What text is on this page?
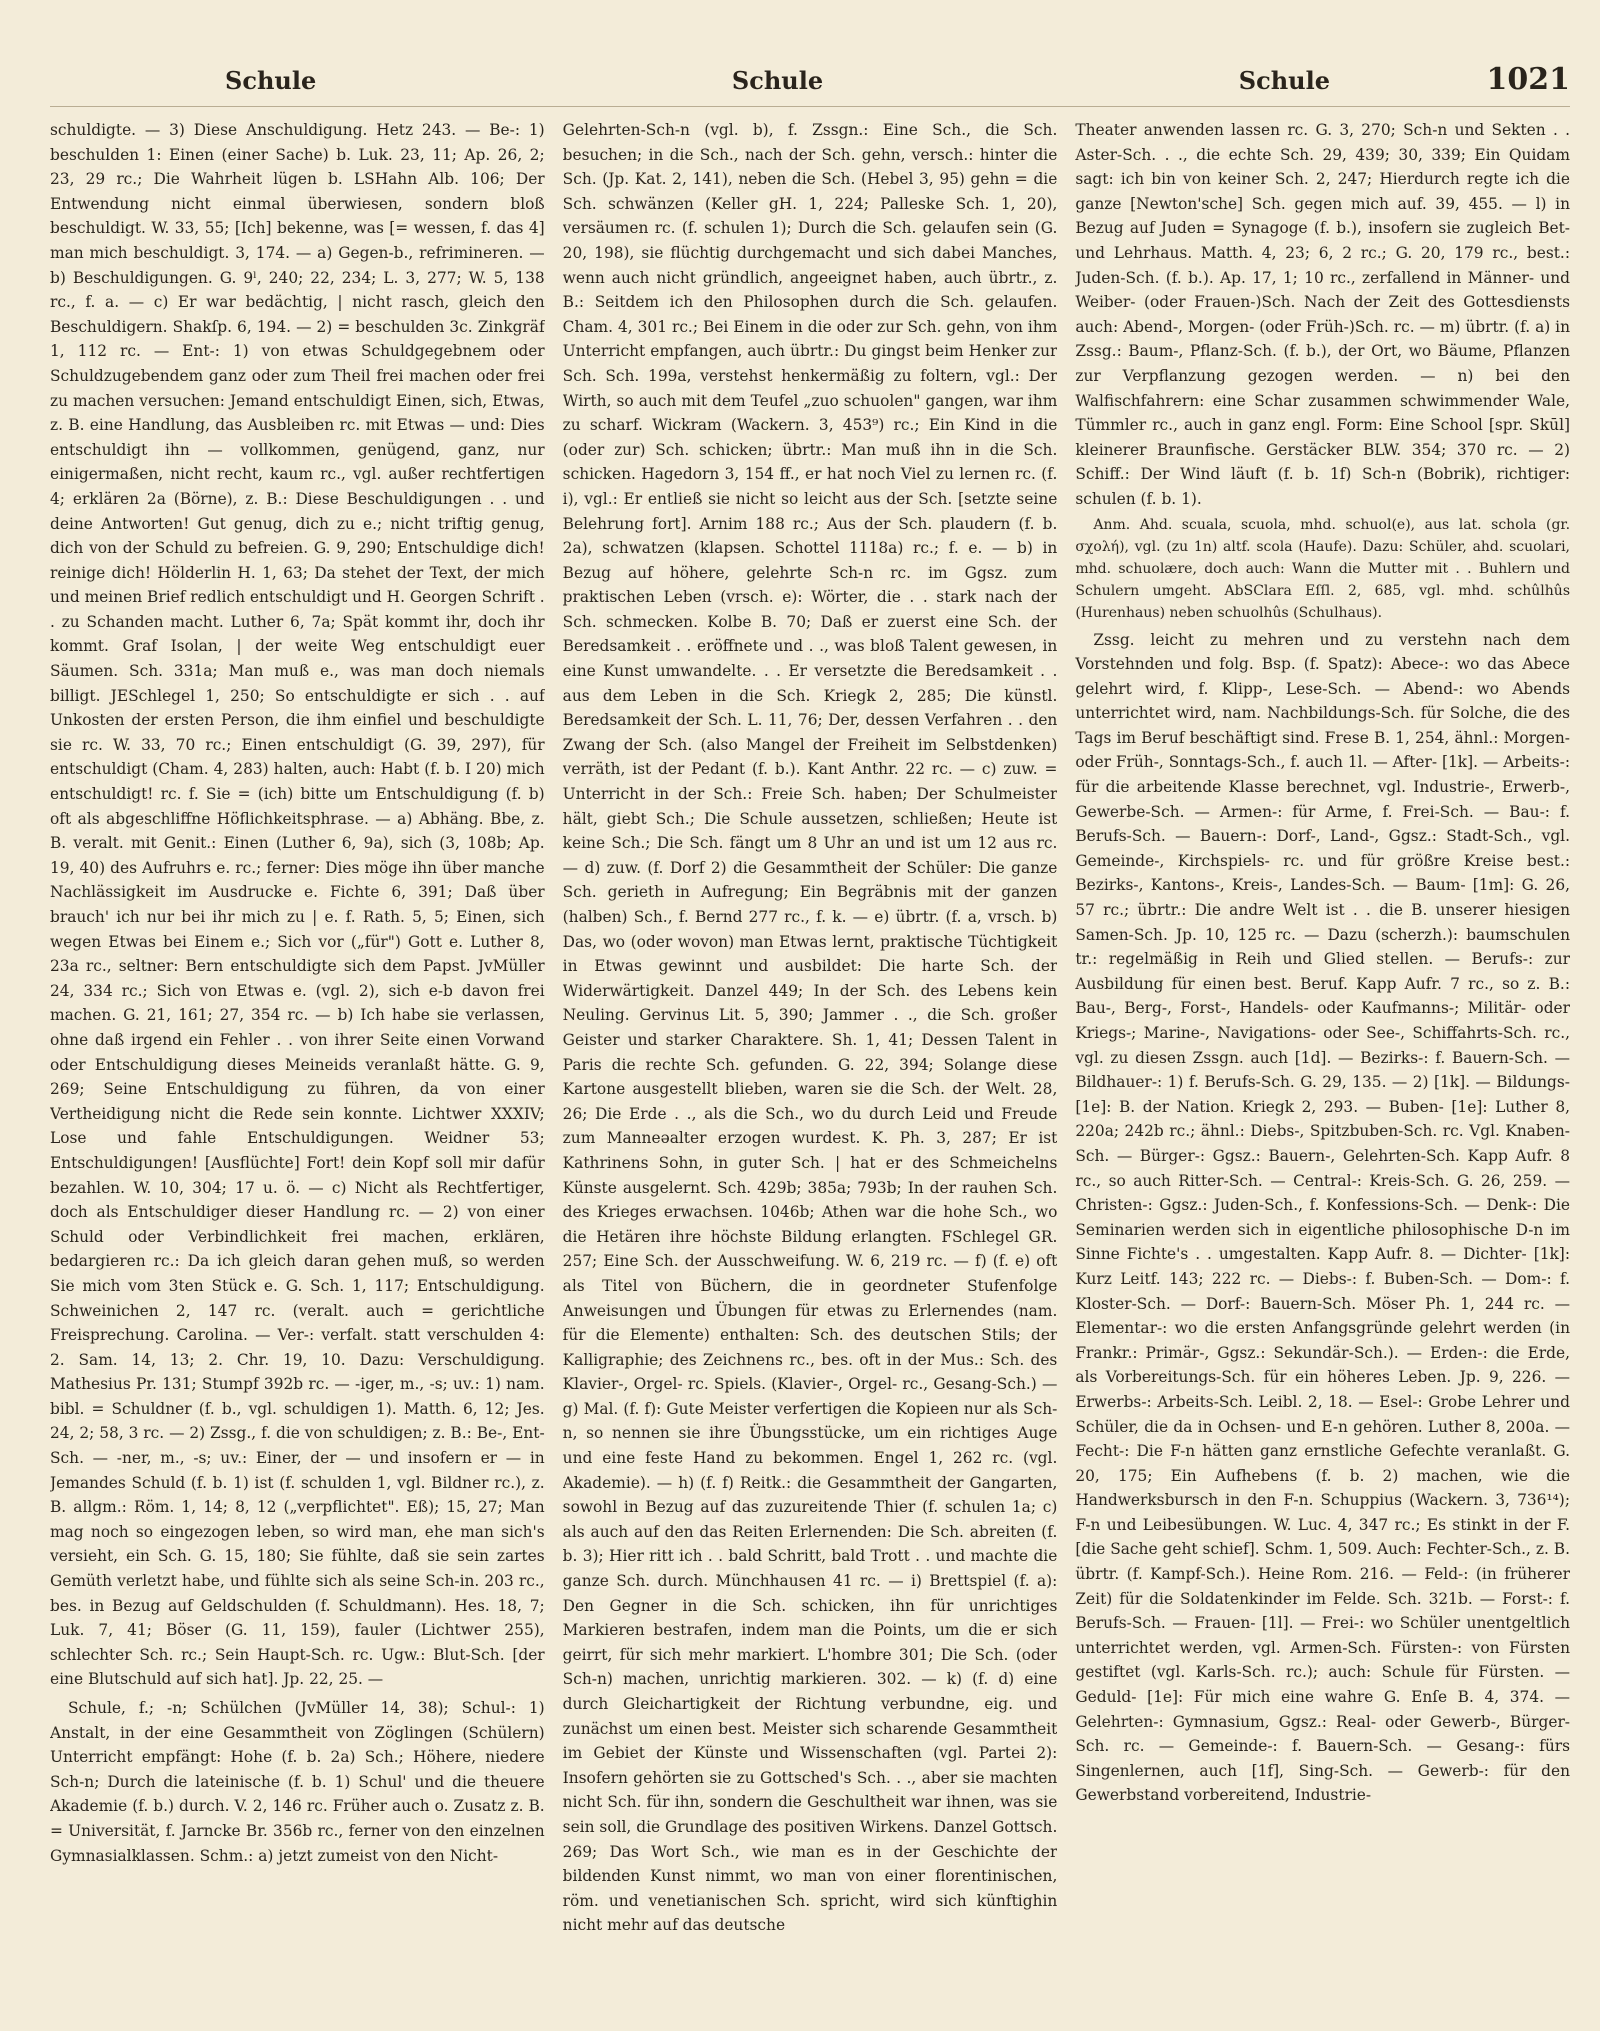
Schule	Schule	Schule	1021

schuldigte. — 3) Diese Anschuldigung. Hetz 243. — Be-: 1) beschulden 1: Einen (einer Sache) b. Luk. 23, 11; Ap. 26, 2; 23, 29 rc.; Die Wahrheit lügen b. LSHahn Alb. 106; Der Entwendung nicht einmal überwiesen, sondern bloß beschuldigt. W. 33, 55; [Ich] bekenne, was [= wessen, f. das 4] man mich beschuldigt. 3, 174. — a) Gegen-b., refrimineren. — b) Beschuldigungen. G. 9ˡ, 240; 22, 234; L. 3, 277; W. 5, 138 rc., f. a. — c) Er war bedächtig, | nicht rasch, gleich den Beschuldigern. Shakſp. 6, 194. — 2) = beschulden 3c. Zinkgräf 1, 112 rc. — Ent-: 1) von etwas Schuldgegebnem oder Schuldzugebendem ganz oder zum Theil frei machen oder frei zu machen versuchen: Jemand entschuldigt Einen, sich, Etwas, z. B. eine Handlung, das Ausbleiben rc. mit Etwas — und: Dies entschuldigt ihn — vollkommen, genügend, ganz, nur einigermaßen, nicht recht, kaum rc., vgl. außer rechtfertigen 4; erklären 2a (Börne), z. B.: Diese Beschuldigungen . . und deine Antworten! Gut genug, dich zu e.; nicht triftig genug, dich von der Schuld zu befreien. G. 9, 290; Entschuldige dich! reinige dich! Hölderlin H. 1, 63; Da stehet der Text, der mich und meinen Brief redlich entschuldigt und H. Georgen Schrift . . zu Schanden macht. Luther 6, 7a; Spät kommt ihr, doch ihr kommt. Graf Isolan, | der weite Weg entschuldigt euer Säumen. Sch. 331a; Man muß e., was man doch niemals billigt. JESchlegel 1, 250; So entschuldigte er sich . . auf Unkosten der ersten Person, die ihm einfiel und beschuldigte sie rc. W. 33, 70 rc.; Einen entschuldigt (G. 39, 297), für entschuldigt (Cham. 4, 283) halten, auch: Habt (f. b. I 20) mich entschuldigt! rc. f. Sie = (ich) bitte um Entschuldigung (f. b) oft als abgeschliffne Höflichkeitsphrase. — a) Abhäng. Bbe, z. B. veralt. mit Genit.: Einen (Luther 6, 9a), sich (3, 108b; Ap. 19, 40) des Aufruhrs e. rc.; ferner: Dies möge ihn über manche Nachlässigkeit im Ausdrucke e. Fichte 6, 391; Daß über brauch' ich nur bei ihr mich zu | e. f. Rath. 5, 5; Einen, sich wegen Etwas bei Einem e.; Sich vor („für") Gott e. Luther 8, 23a rc., seltner: Bern entschuldigte sich dem Papst. JvMüller 24, 334 rc.; Sich von Etwas e. (vgl. 2), sich e-b davon frei machen. G. 21, 161; 27, 354 rc. — b) Ich habe sie verlassen, ohne daß irgend ein Fehler . . von ihrer Seite einen Vorwand oder Entschuldigung dieses Meineids veranlaßt hätte. G. 9, 269; Seine Entschuldigung zu führen, da von einer Vertheidigung nicht die Rede sein konnte. Lichtwer XXXIV; Lose und fahle Entschuldigungen. Weidner 53; Entschuldigungen! [Ausflüchte] Fort! dein Kopf soll mir dafür bezahlen. W. 10, 304; 17 u. ö. — c) Nicht als Rechtfertiger, doch als Entschuldiger dieser Handlung rc. — 2) von einer Schuld oder Verbindlichkeit frei machen, erklären, bedargieren rc.: Da ich gleich daran gehen muß, so werden Sie mich vom 3ten Stück e. G. Sch. 1, 117; Entschuldigung. Schweinichen 2, 147 rc. (veralt. auch = gerichtliche Freisprechung. Carolina. — Ver-: verfalt. statt verschulden 4: 2. Sam. 14, 13; 2. Chr. 19, 10. Dazu: Verschuldigung. Mathesius Pr. 131; Stumpf 392b rc. — -iger, m., -s; uv.: 1) nam. bibl. = Schuldner (f. b., vgl. schuldigen 1). Matth. 6, 12; Jes. 24, 2; 58, 3 rc. — 2) Zssg., f. die von schuldigen; z. B.: Be-, Ent-Sch. — -ner, m., -s; uv.: Einer, der — und insofern er — in Jemandes Schuld (f. b. 1) ist (f. schulden 1, vgl. Bildner rc.), z. B. allgm.: Röm. 1, 14; 8, 12 („verpflichtet". Eß); 15, 27; Man mag noch so eingezogen leben, so wird man, ehe man sich's versieht, ein Sch. G. 15, 180; Sie fühlte, daß sie sein zartes Gemüth verletzt habe, und fühlte sich als seine Sch-in. 203 rc., bes. in Bezug auf Geldschulden (f. Schuldmann). Hes. 18, 7; Luk. 7, 41; Böser (G. 11, 159), fauler (Lichtwer 255), schlechter Sch. rc.; Sein Haupt-Sch. rc. Ugw.: Blut-Sch. [der eine Blutschuld auf sich hat]. Jp. 22, 25. —

Schule, f.; -n; Schülchen (JvMüller 14, 38); Schul-: 1) Anstalt, in der eine Gesammtheit von Zöglingen (Schülern) Unterricht empfängt: Hohe (f. b. 2a) Sch.; Höhere, niedere Sch-n; Durch die lateinische (f. b. 1) Schul' und die theuere Akademie (f. b.) durch. V. 2, 146 rc. Früher auch o. Zusatz z. B. = Universität, f. Jarncke Br. 356b rc., ferner von den einzelnen Gymnasialklassen. Schm.: a) jetzt zumeist von den Nicht-

Gelehrten-Sch-n (vgl. b), f. Zssgn.: Eine Sch., die Sch. besuchen; in die Sch., nach der Sch. gehn, versch.: hinter die Sch. (Jp. Kat. 2, 141), neben die Sch. (Hebel 3, 95) gehn = die Sch. schwänzen (Keller gH. 1, 224; Palleske Sch. 1, 20), versäumen rc. (f. schulen 1); Durch die Sch. gelaufen sein (G. 20, 198), sie flüchtig durchgemacht und sich dabei Manches, wenn auch nicht gründlich, angeeignet haben, auch übrtr., z. B.: Seitdem ich den Philosophen durch die Sch. gelaufen. Cham. 4, 301 rc.; Bei Einem in die oder zur Sch. gehn, von ihm Unterricht empfangen, auch übrtr.: Du gingst beim Henker zur Sch. Sch. 199a, verstehst henkermäßig zu foltern, vgl.: Der Wirth, so auch mit dem Teufel „zuo schuolen" gangen, war ihm zu scharf. Wickram (Wackern. 3, 453⁹) rc.; Ein Kind in die (oder zur) Sch. schicken; übrtr.: Man muß ihn in die Sch. schicken. Hagedorn 3, 154 ff., er hat noch Viel zu lernen rc. (f. i), vgl.: Er entließ sie nicht so leicht aus der Sch. [setzte seine Belehrung fort]. Arnim 188 rc.; Aus der Sch. plaudern (f. b. 2a), schwatzen (klapsen. Schottel 1118a) rc.; f. e. — b) in Bezug auf höhere, gelehrte Sch-n rc. im Ggsz. zum praktischen Leben (vrsch. e): Wörter, die . . stark nach der Sch. schmecken. Kolbe B. 70; Daß er zuerst eine Sch. der Beredsamkeit . . eröffnete und . ., was bloß Talent gewesen, in eine Kunst umwandelte. . . Er versetzte die Beredsamkeit . . aus dem Leben in die Sch. Kriegk 2, 285; Die künstl. Beredsamkeit der Sch. L. 11, 76; Der, dessen Verfahren . . den Zwang der Sch. (also Mangel der Freiheit im Selbstdenken) verräth, ist der Pedant (f. b.). Kant Anthr. 22 rc. — c) zuw. = Unterricht in der Sch.: Freie Sch. haben; Der Schulmeister hält, giebt Sch.; Die Schule aussetzen, schließen; Heute ist keine Sch.; Die Sch. fängt um 8 Uhr an und ist um 12 aus rc. — d) zuw. (f. Dorf 2) die Gesammtheit der Schüler: Die ganze Sch. gerieth in Aufregung; Ein Begräbnis mit der ganzen (halben) Sch., f. Bernd 277 rc., f. k. — e) übrtr. (f. a, vrsch. b) Das, wo (oder wovon) man Etwas lernt, praktische Tüchtigkeit in Etwas gewinnt und ausbildet: Die harte Sch. der Widerwärtigkeit. Danzel 449; In der Sch. des Lebens kein Neuling. Gervinus Lit. 5, 390; Jammer . ., die Sch. großer Geister und starker Charaktere. Sh. 1, 41; Dessen Talent in Paris die rechte Sch. gefunden. G. 22, 394; Solange diese Kartone ausgestellt blieben, waren sie die Sch. der Welt. 28, 26; Die Erde . ., als die Sch., wo du durch Leid und Freude zum Manneəalter erzogen wurdest. K. Ph. 3, 287; Er ist Kathrinens Sohn, in guter Sch. | hat er des Schmeichelns Künste ausgelernt. Sch. 429b; 385a; 793b; In der rauhen Sch. des Krieges erwachsen. 1046b; Athen war die hohe Sch., wo die Hetären ihre höchste Bildung erlangten. FSchlegel GR. 257; Eine Sch. der Ausschweifung. W. 6, 219 rc. — f) (f. e) oft als Titel von Büchern, die in geordneter Stufenfolge Anweisungen und Übungen für etwas zu Erlernendes (nam. für die Elemente) enthalten: Sch. des deutschen Stils; der Kalligraphie; des Zeichnens rc., bes. oft in der Mus.: Sch. des Klavier-, Orgel- rc. Spiels. (Klavier-, Orgel- rc., Gesang-Sch.) — g) Mal. (f. f): Gute Meister verfertigen die Kopieen nur als Sch-n, so nennen sie ihre Übungsstücke, um ein richtiges Auge und eine feste Hand zu bekommen. Engel 1, 262 rc. (vgl. Akademie). — h) (f. f) Reitk.: die Gesammtheit der Gangarten, sowohl in Bezug auf das zuzureitende Thier (f. schulen 1a; c) als auch auf den das Reiten Erlernenden: Die Sch. abreiten (f. b. 3); Hier ritt ich . . bald Schritt, bald Trott . . und machte die ganze Sch. durch. Münchhausen 41 rc. — i) Brettspiel (f. a): Den Gegner in die Sch. schicken, ihn für unrichtiges Markieren bestrafen, indem man die Points, um die er sich geirrt, für sich mehr markiert. L'hombre 301; Die Sch. (oder Sch-n) machen, unrichtig markieren. 302. — k) (f. d) eine durch Gleichartigkeit der Richtung verbundne, eig. und zunächst um einen best. Meister sich scharende Gesammtheit im Gebiet der Künste und Wissenschaften (vgl. Partei 2): Insofern gehörten sie zu Gottsched's Sch. . ., aber sie machten nicht Sch. für ihn, sondern die Geschultheit war ihnen, was sie sein soll, die Grundlage des positiven Wirkens. Danzel Gottsch. 269; Das Wort Sch., wie man es in der Geschichte der bildenden Kunst nimmt, wo man von einer florentinischen, röm. und venetianischen Sch. spricht, wird sich künftighin nicht mehr auf das deutsche

Theater anwenden lassen rc. G. 3, 270; Sch-n und Sekten . . Aster-Sch. . ., die echte Sch. 29, 439; 30, 339; Ein Quidam sagt: ich bin von keiner Sch. 2, 247; Hierdurch regte ich die ganze [Newton'sche] Sch. gegen mich auf. 39, 455. — l) in Bezug auf Juden = Synagoge (f. b.), insofern sie zugleich Bet- und Lehrhaus. Matth. 4, 23; 6, 2 rc.; G. 20, 179 rc., best.: Juden-Sch. (f. b.). Ap. 17, 1; 10 rc., zerfallend in Männer- und Weiber- (oder Frauen-)Sch. Nach der Zeit des Gottesdiensts auch: Abend-, Morgen- (oder Früh-)Sch. rc. — m) übrtr. (f. a) in Zssg.: Baum-, Pflanz-Sch. (f. b.), der Ort, wo Bäume, Pflanzen zur Verpflanzung gezogen werden. — n) bei den Walfischfahrern: eine Schar zusammen schwimmender Wale, Tümmler rc., auch in ganz engl. Form: Eine School [spr. Skūl] kleinerer Braunfische. Gerstäcker BLW. 354; 370 rc. — 2) Schiff.: Der Wind läuft (f. b. 1f) Sch-n (Bobrik), richtiger: schulen (f. b. 1).

Anm. Ahd. scuala, scuola, mhd. schuol(e), aus lat. schola (gr. σχολή), vgl. (zu 1n) altf. scola (Haufe). Dazu: Schüler, ahd. scuolari, mhd. schuolære, doch auch: Wann die Mutter mit . . Buhlern und Schulern umgeht. AbSClara Eſſl. 2, 685, vgl. mhd. schûlhûs (Hurenhaus) neben schuolhûs (Schulhaus).

Zssg. leicht zu mehren und zu verstehn nach dem Vorstehnden und folg. Bsp. (f. Spatz): Abece-: wo das Abece gelehrt wird, f. Klipp-, Lese-Sch. — Abend-: wo Abends unterrichtet wird, nam. Nachbildungs-Sch. für Solche, die des Tags im Beruf beschäftigt sind. Frese B. 1, 254, ähnl.: Morgen- oder Früh-, Sonntags-Sch., f. auch 1l. — After- [1k]. — Arbeits-: für die arbeitende Klasse berechnet, vgl. Industrie-, Erwerb-, Gewerbe-Sch. — Armen-: für Arme, f. Frei-Sch. — Bau-: f. Berufs-Sch. — Bauern-: Dorf-, Land-, Ggsz.: Stadt-Sch., vgl. Gemeinde-, Kirchspiels- rc. und für größre Kreise best.: Bezirks-, Kantons-, Kreis-, Landes-Sch. — Baum- [1m]: G. 26, 57 rc.; übrtr.: Die andre Welt ist . . die B. unserer hiesigen Samen-Sch. Jp. 10, 125 rc. — Dazu (scherzh.): baumschulen tr.: regelmäßig in Reih und Glied stellen. — Berufs-: zur Ausbildung für einen best. Beruf. Kapp Aufr. 7 rc., so z. B.: Bau-, Berg-, Forst-, Handels- oder Kaufmanns-; Militär- oder Kriegs-; Marine-, Navigations- oder See-, Schiffahrts-Sch. rc., vgl. zu diesen Zssgn. auch [1d]. — Bezirks-: f. Bauern-Sch. — Bildhauer-: 1) f. Berufs-Sch. G. 29, 135. — 2) [1k]. — Bildungs- [1e]: B. der Nation. Kriegk 2, 293. — Buben- [1e]: Luther 8, 220a; 242b rc.; ähnl.: Diebs-, Spitzbuben-Sch. rc. Vgl. Knaben-Sch. — Bürger-: Ggsz.: Bauern-, Gelehrten-Sch. Kapp Aufr. 8 rc., so auch Ritter-Sch. — Central-: Kreis-Sch. G. 26, 259. — Christen-: Ggsz.: Juden-Sch., f. Konfessions-Sch. — Denk-: Die Seminarien werden sich in eigentliche philosophische D-n im Sinne Fichte's . . umgestalten. Kapp Aufr. 8. — Dichter- [1k]: Kurz Leitf. 143; 222 rc. — Diebs-: f. Buben-Sch. — Dom-: f. Kloster-Sch. — Dorf-: Bauern-Sch. Möser Ph. 1, 244 rc. — Elementar-: wo die ersten Anfangsgründe gelehrt werden (in Frankr.: Primär-, Ggsz.: Sekundär-Sch.). — Erden-: die Erde, als Vorbereitungs-Sch. für ein höheres Leben. Jp. 9, 226. — Erwerbs-: Arbeits-Sch. Leibl. 2, 18. — Esel-: Grobe Lehrer und Schüler, die da in Ochsen- und E-n gehören. Luther 8, 200a. — Fecht-: Die F-n hätten ganz ernstliche Gefechte veranlaßt. G. 20, 175; Ein Aufhebens (f. b. 2) machen, wie die Handwerksbursch in den F-n. Schuppius (Wackern. 3, 736¹⁴); F-n und Leibesübungen. W. Luc. 4, 347 rc.; Es stinkt in der F. [die Sache geht schief]. Schm. 1, 509. Auch: Fechter-Sch., z. B. übrtr. (f. Kampf-Sch.). Heine Rom. 216. — Feld-: (in früherer Zeit) für die Soldatenkinder im Felde. Sch. 321b. — Forst-: f. Berufs-Sch. — Frauen- [1l]. — Frei-: wo Schüler unentgeltlich unterrichtet werden, vgl. Armen-Sch. Fürsten-: von Fürsten gestiftet (vgl. Karls-Sch. rc.); auch: Schule für Fürsten. — Geduld- [1e]: Für mich eine wahre G. Enſe B. 4, 374. — Gelehrten-: Gymnasium, Ggsz.: Real- oder Gewerb-, Bürger-Sch. rc. — Gemeinde-: f. Bauern-Sch. — Gesang-: fürs Singenlernen, auch [1f], Sing-Sch. — Gewerb-: für den Gewerbstand vorbereitend, Industrie-
